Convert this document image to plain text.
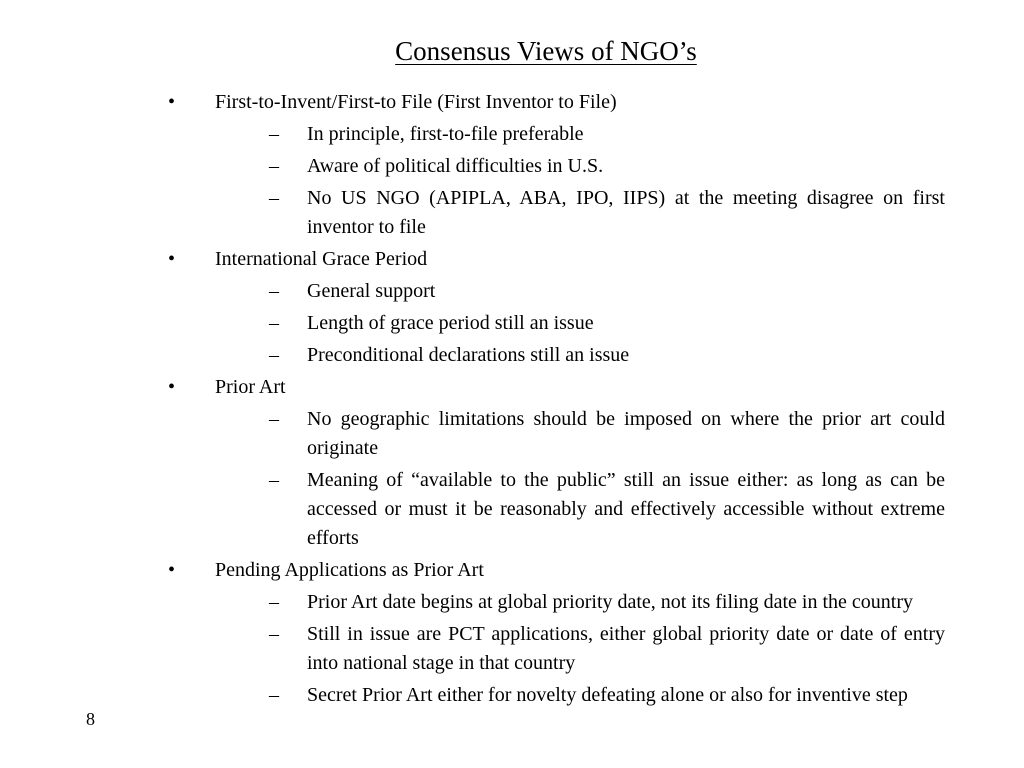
Consensus Views of NGO’s
• First-to-Invent/First-to File (First Inventor to File)
– In principle, first-to-file preferable
– Aware of political difficulties in U.S.
– No US NGO (APIPLA, ABA, IPO, IIPS) at the meeting disagree on first inventor to file
• International Grace Period
– General support
– Length of grace period still an issue
– Preconditional declarations still an issue
• Prior Art
– No geographic limitations should be imposed on where the prior art could originate
– Meaning of “available to the public” still an issue either: as long as can be accessed or must it be reasonably and effectively accessible without extreme efforts
• Pending Applications as Prior Art
– Prior Art date begins at global priority date, not its filing date in the country
– Still in issue are PCT applications, either global priority date or date of entry into national stage in that country
– Secret Prior Art either for novelty defeating alone or also for inventive step
8
